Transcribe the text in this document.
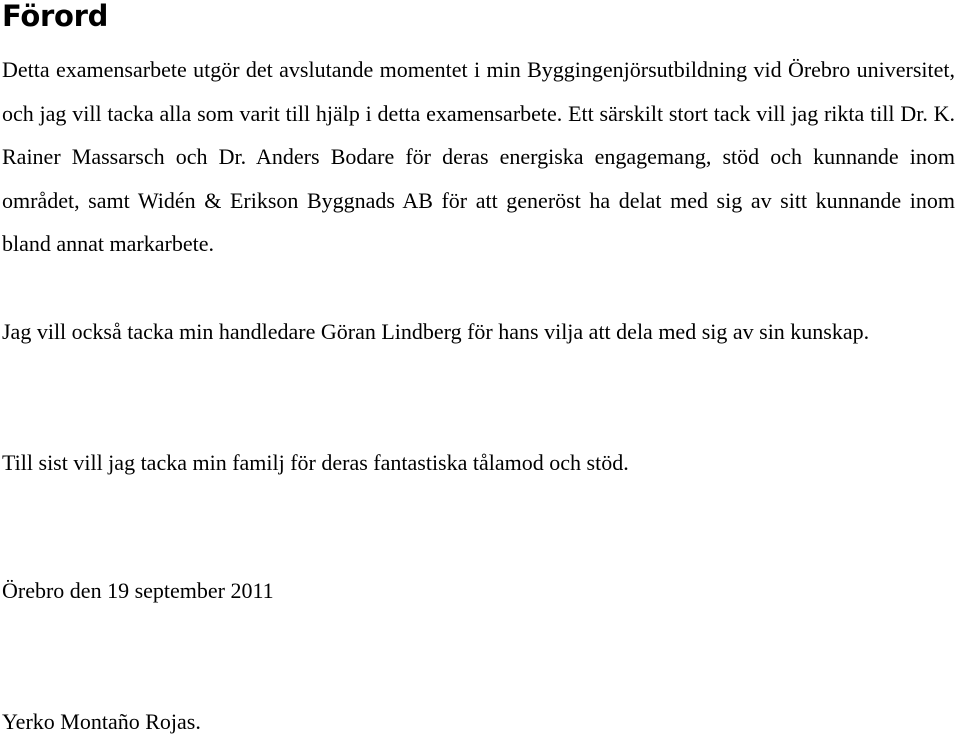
Förord

Detta examensarbete utgör det avslutande momentet i min Byggingenjörsutbildning vid Örebro universitet, och jag vill tacka alla som varit till hjälp i detta examensarbete. Ett särskilt stort tack vill jag rikta till Dr. K. Rainer Massarsch och Dr. Anders Bodare för deras energiska engagemang, stöd och kunnande inom området, samt Widén & Erikson Byggnads AB för att generöst ha delat med sig av sitt kunnande inom bland annat markarbete.

Jag vill också tacka min handledare Göran Lindberg för hans vilja att dela med sig av sin kunskap.

Till sist vill jag tacka min familj för deras fantastiska tålamod och stöd.

Örebro den 19 september 2011

Yerko Montaño Rojas.
